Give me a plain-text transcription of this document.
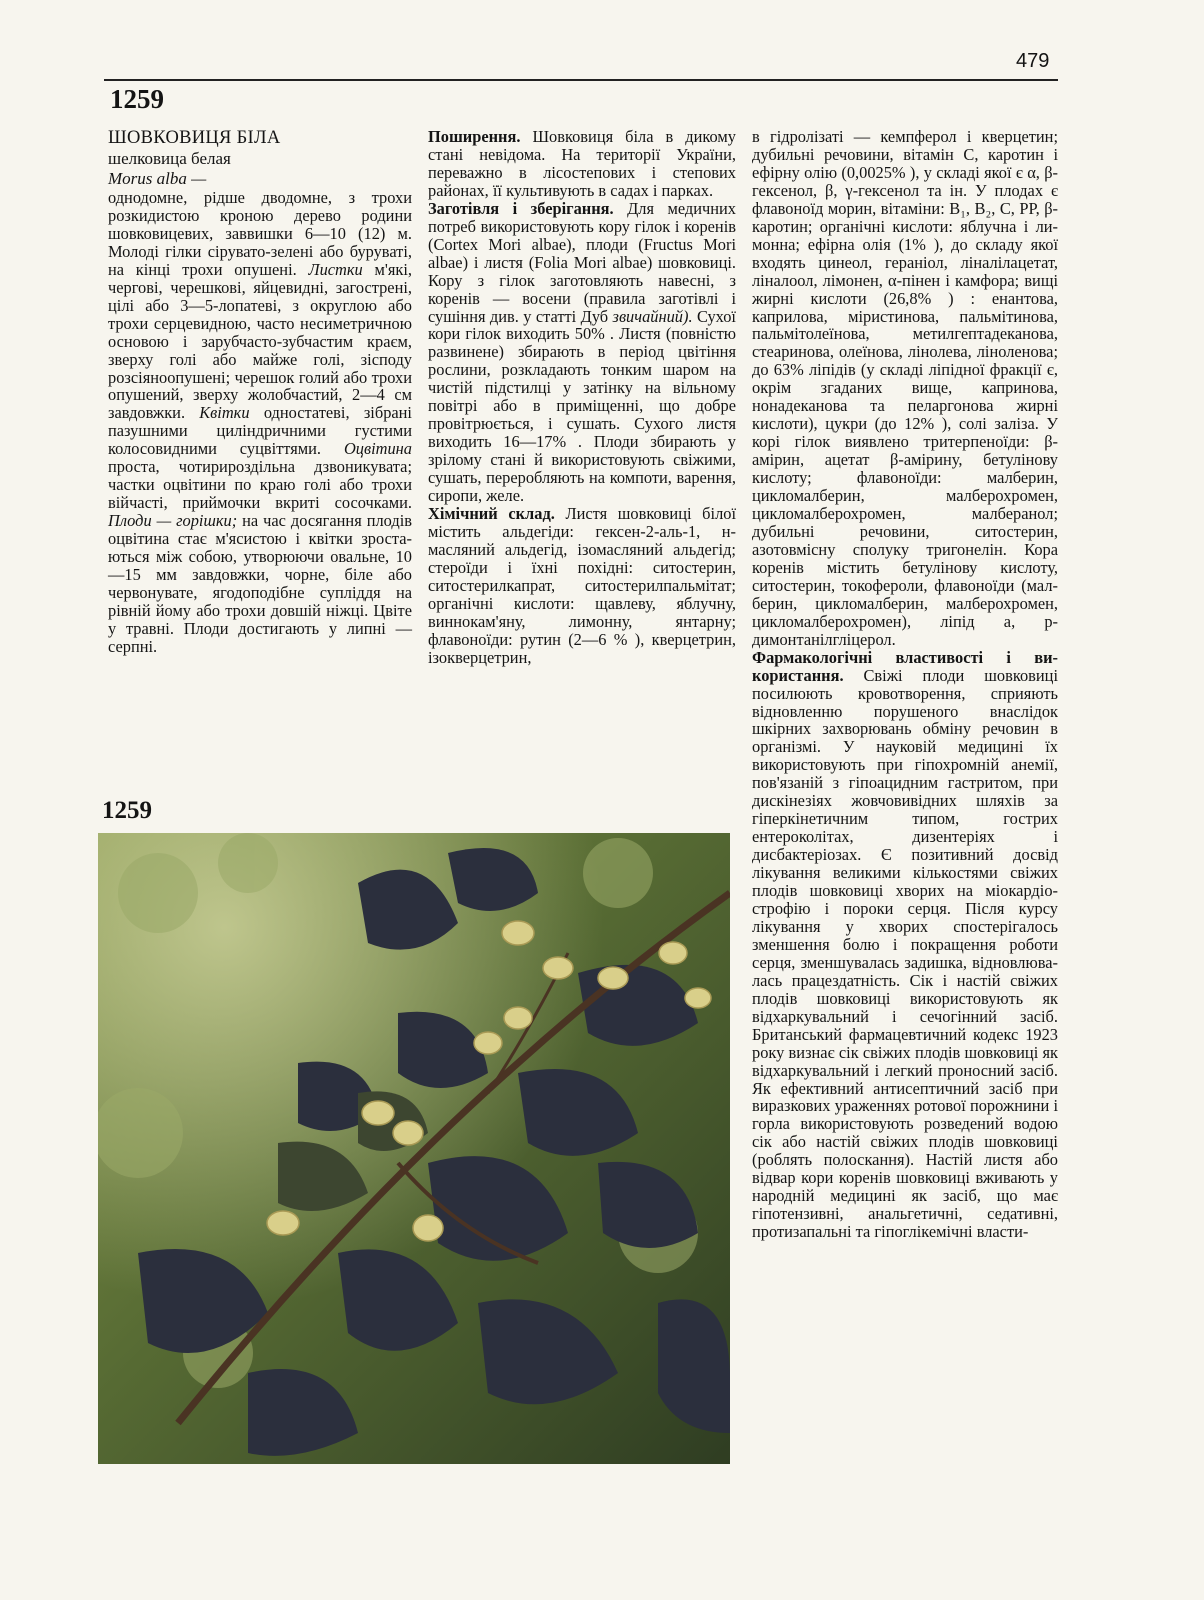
479
1259
ШОВКОВИЦЯ БІЛА
шелковица белая
Morus alba —

однодомне, рідше дводомне, з трохи розкидистою кроною дерево родини шовковицевих, заввишки 6—10 (12) м. Молоді гілки сірувато-зелені або буруваті, на кінці трохи опушені. Листки м'які, чергові, черешкові, яйцевидні, загострені, цілі або 3—5-лопатеві, з округлою або трохи серцевидною, часто несиметричною основою і зарубчасто-зубчастим краєм, зверху голі або майже голі, зісподу розсіяноопушені; черешок голий або трохи опушений, зверху жолобчастий, 2—4 см завдовжки. Квітки одностатеві, зібрані пазушними циліндричними густими колосовидними суцвіттями. Оцвітина проста, чотирироздільна дзвоникувата; частки оцвітини по краю голі або трохи війчасті, приймочки вкриті сосочками. Плоди — горішки; на час досягання плодів оцвітина стає м'ясистою і квітки зростаються між собою, утворюючи овальне, 10—15 мм завдовжки, чорне, біле або червонувате, ягодоподібне супліддя на рівній йому або трохи довшій ніжці. Цвіте у травні. Плоди достигають у липні — серпні.

Поширення. Шовковиця біла в дикому стані невідома. На території України, переважно в лісостепових і степових районах, її культивують в садах і парках.

Заготівля і зберігання. Для медичних потреб використовують кору гілок і коренів (Cortex Mori albae), плоди (Fructus Mori albae) і листя (Folia Mori albae) шовковиці. Кору з гілок заготовляють навесні, з коренів — восени (правила заготівлі і сушіння див. у статті Дуб звичайний). Сухої кори гілок виходить 50% . Листя (повністю развинене) збирають в період цвітіння рослини, розкладають тонким шаром на чистій підстилці у затінку на вільному повітрі або в приміщенні, що добре провітрюється, і сушать. Сухого листя виходить 16—17% . Плоди збирають у зрілому стані й використовують свіжими, сушать, переробляють на компоти, варення, сиропи, желе.

Хімічний склад. Листя шовковиці білої містить альдегіди: гексен-2-аль-1, н-масляний альдегід, ізомасляний альдегід; стероїди і їхні похідні: ситостерин, ситостерилкапрат, ситостерилпальмітат; органічні кислоти: щавлеву, яблучну, виннокам'яну, лимонну, янтарну; флавоноїди: рутин (2—6 % ), кверцетрин, ізокверцетрин,

в гідролізаті — кемпферол і кверцетин; дубильні речовини, вітамін С, каротин і ефірну олію (0,0025% ), у складі якої є α, β-гексенол, β, γ-гексенол та ін. У плодах є флавоноїд морин, вітаміни: В₁, В₂, С, РР, β-каротин; органічні кислоти: яблучна і лимонна; ефірна олія (1% ), до складу якої входять цинеол, гераніол, ліналілацетат, ліналоол, лімонен, α-пінен і камфора; вищі жирні кислоти (26,8% ) : енантова, каприлова, міристинова, пальмітинова, пальмітолеїнова, метилгептадеканова, стеаринова, олеїнова, лінолева, ліноленова; до 63% ліпідів (у складі ліпідної фракції є, окрім згаданих вище, капринова, нонадеканова та пеларгонова жирні кислоти), цукри (до 12% ), солі заліза. У корі гілок виявлено тритерпеноїди: β-амірин, ацетат β-амірину, бетулінову кислоту; флавоноїди: малберин, цикломалберин, малберохромен, цикломалберохромен, малберанол; дубильні речовини, ситостерин, азотовмісну сполуку тригонелін. Кора коренів містить бетулінову кислоту, ситостерин, токофероли, флавоноїди (малберин, цикломалберин, малберохромен, цикломалберохромен), ліпід а, р-димонтанілгліцерол.

Фармакологічні властивості і використання. Свіжі плоди шовковиці посилюють кровотворення, сприяють відновленню порушеного внаслідок шкірних захворювань обміну речовин в організмі. У науковій медицині їх використовують при гіпохромній анемії, пов'язаній з гіпоацидним гастритом, при дискінезіях жовчовивідних шляхів за гіперкінетичним типом, гострих ентероколітах, дизентеріях і дисбактеріозах. Є позитивний досвід лікування великими кількостями свіжих плодів шовковиці хворих на міокардіострофію і пороки серця. Після курсу лікування у хворих спостерігалось зменшення болю і покращення роботи серця, зменшувалась задишка, відновлювалась працездатність. Сік і настій свіжих плодів шовковиці використовують як відхаркувальний і сечогінний засіб. Британський фармацевтичний кодекс 1923 року визнає сік свіжих плодів шовковиці як відхаркувальний і легкий проносний засіб. Як ефективний антисептичний засіб при виразкових ураженнях ротової порожнини і горла використовують розведений водою сік або настій свіжих плодів шовковиці (роблять полоскання). Настій листя або відвар кори коренів шовковиці вживають у народній медицині як засіб, що має гіпотензивні, анальгетичні, седативні, протизапальні та гіпоглікемічні власти-

1259
